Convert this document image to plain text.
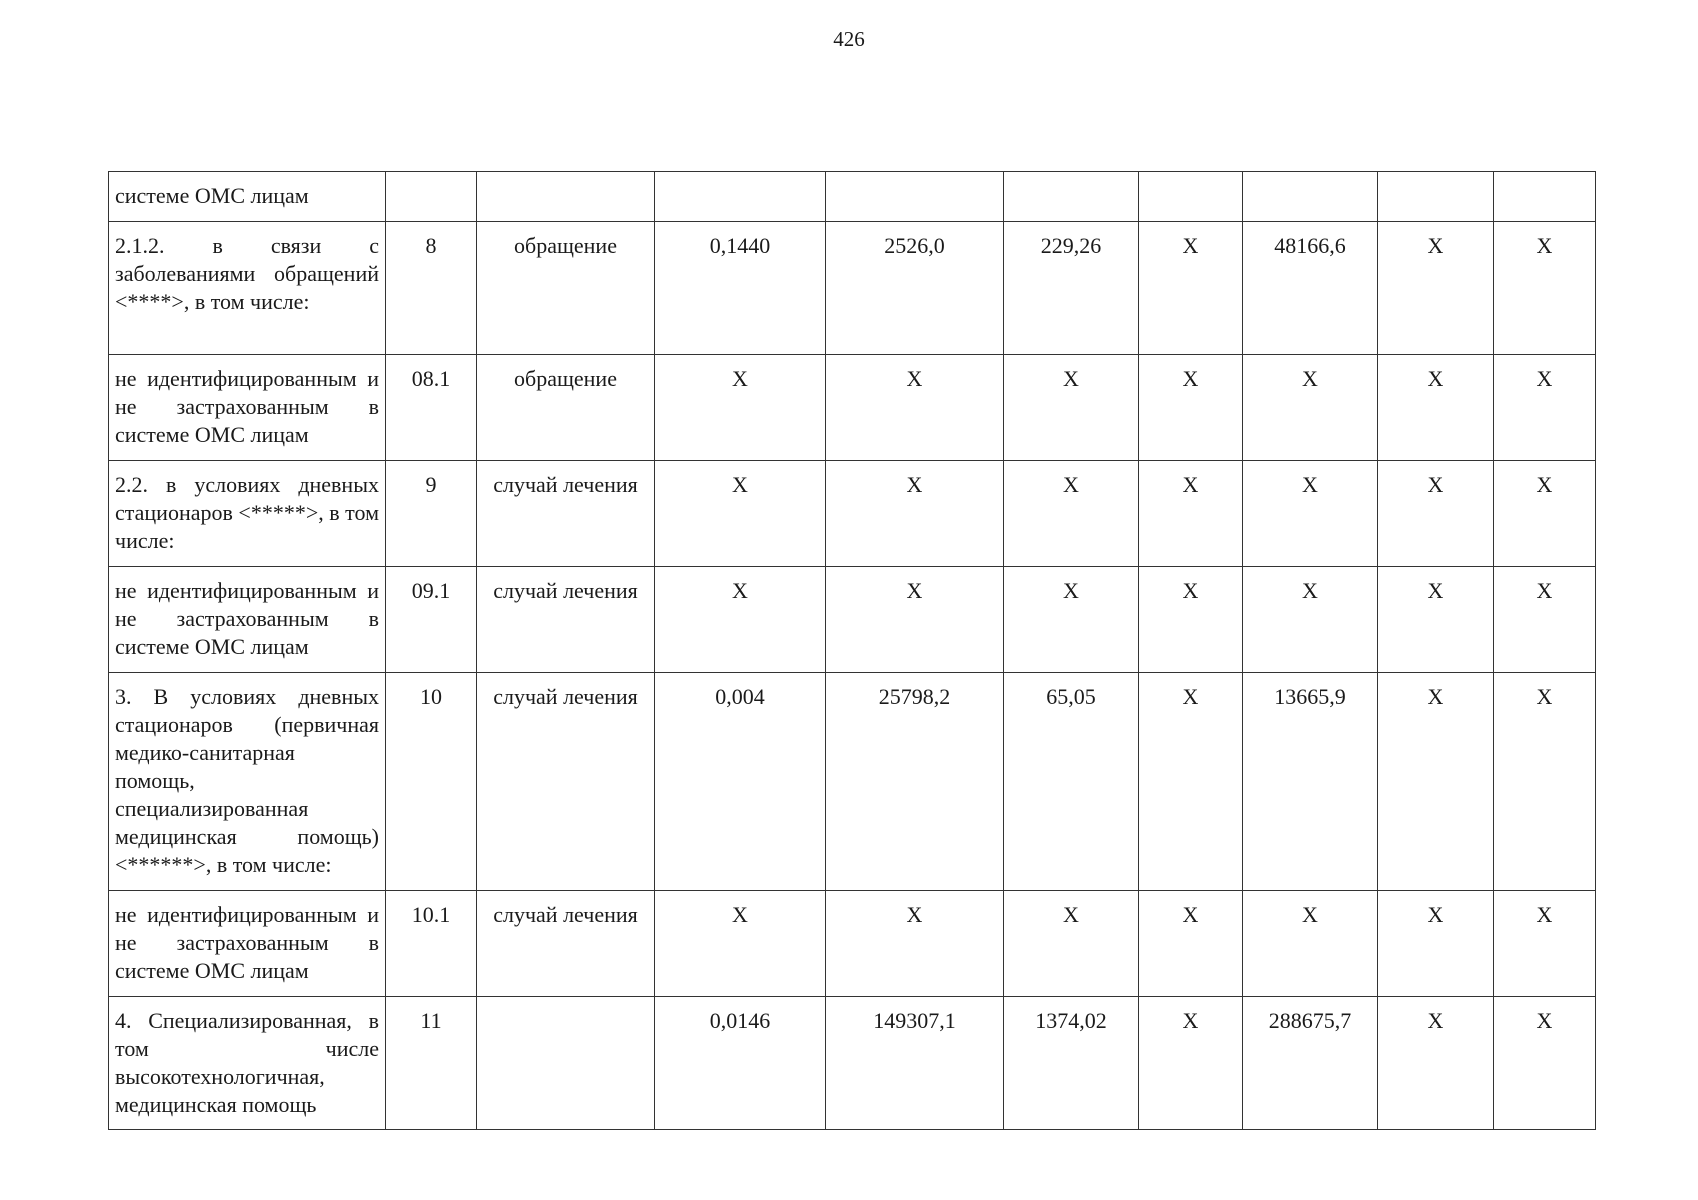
426
системе ОМС лицам									
2.1.2. в связи с заболеваниями обращений <****>, в том числе:	8	обращение	0,1440	2526,0	229,26	Х	48166,6	Х	Х
не идентифицированным и не застрахованным в системе ОМС лицам	08.1	обращение	Х	Х	Х	Х	Х	Х	Х
2.2. в условиях дневных стационаров <*****>, в том числе:	9	случай лечения	Х	Х	Х	Х	Х	Х	Х
не идентифицированным и не застрахованным в системе ОМС лицам	09.1	случай лечения	Х	Х	Х	Х	Х	Х	Х
3. В условиях дневных стационаров (первичная медико-санитарная помощь, специализированная медицинская помощь) <******>, в том числе:	10	случай лечения	0,004	25798,2	65,05	Х	13665,9	Х	Х
не идентифицированным и не застрахованным в системе ОМС лицам	10.1	случай лечения	Х	Х	Х	Х	Х	Х	Х
4. Специализированная, в том числе высокотехнологичная, медицинская помощь	11		0,0146	149307,1	1374,02	Х	288675,7	Х	Х
